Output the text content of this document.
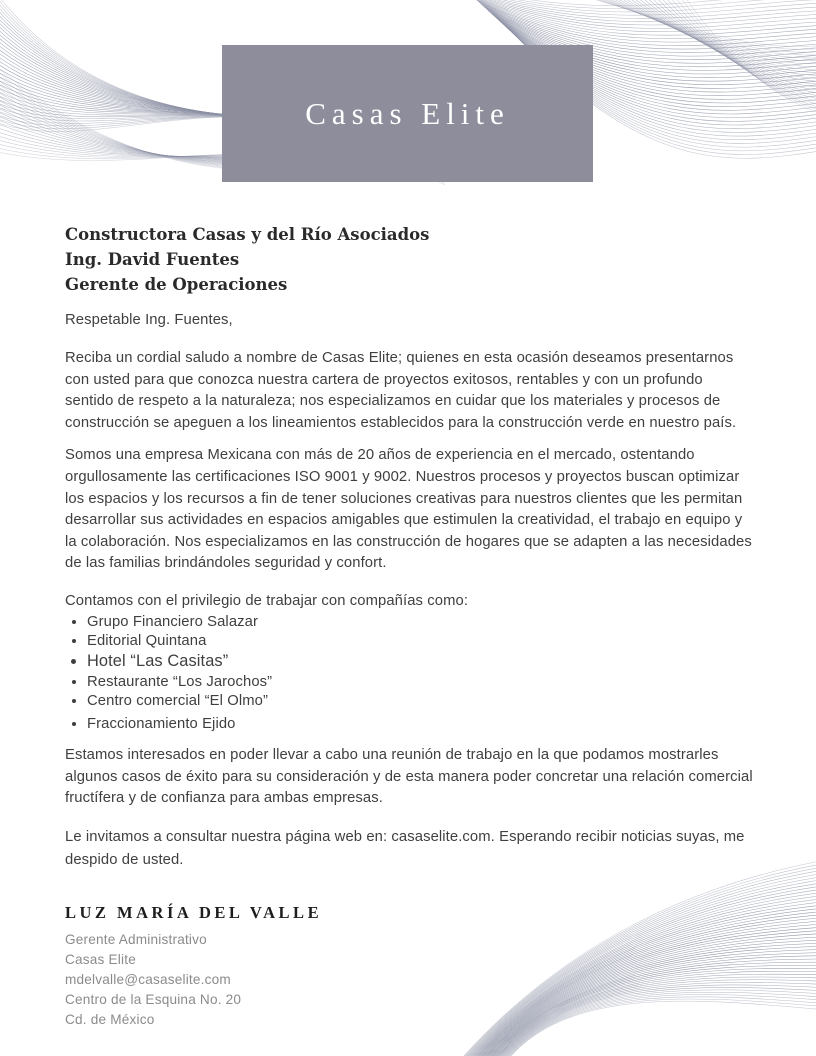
Casas Elite
Constructora Casas y del Río Asociados
Ing. David Fuentes
Gerente de Operaciones
Respetable Ing. Fuentes,

Reciba un cordial saludo a nombre de Casas Elite; quienes en esta ocasión deseamos presentarnos con usted para que conozca nuestra cartera de proyectos exitosos, rentables y con un profundo sentido de respeto a la naturaleza; nos especializamos en cuidar que los materiales y procesos de construcción se apeguen a los lineamientos establecidos para la construcción verde en nuestro país.

Somos una empresa Mexicana con más de 20 años de experiencia en el mercado, ostentando orgullosamente las certificaciones ISO 9001 y 9002. Nuestros procesos y proyectos buscan optimizar los espacios y los recursos a fin de tener soluciones creativas para nuestros clientes que les permitan desarrollar sus actividades en espacios amigables que estimulen la creatividad, el trabajo en equipo y la colaboración. Nos especializamos en las construcción de hogares que se adapten a las necesidades de las familias brindándoles seguridad y confort.

Contamos con el privilegio de trabajar con compañías como:
• Grupo Financiero Salazar
• Editorial Quintana
• Hotel “Las Casitas”
• Restaurante “Los Jarochos”
• Centro comercial “El Olmo”
• Fraccionamiento Ejido

Estamos interesados en poder llevar a cabo una reunión de trabajo en la que podamos mostrarles algunos casos de éxito para su consideración y de esta manera poder concretar una relación comercial fructífera y de confianza para ambas empresas.

Le invitamos a consultar nuestra página web en: casaselite.com. Esperando recibir noticias suyas, me despido de usted.

LUZ MARÍA DEL VALLE
Gerente Administrativo
Casas Elite
mdelvalle@casaselite.com
Centro de la Esquina No. 20
Cd. de México
